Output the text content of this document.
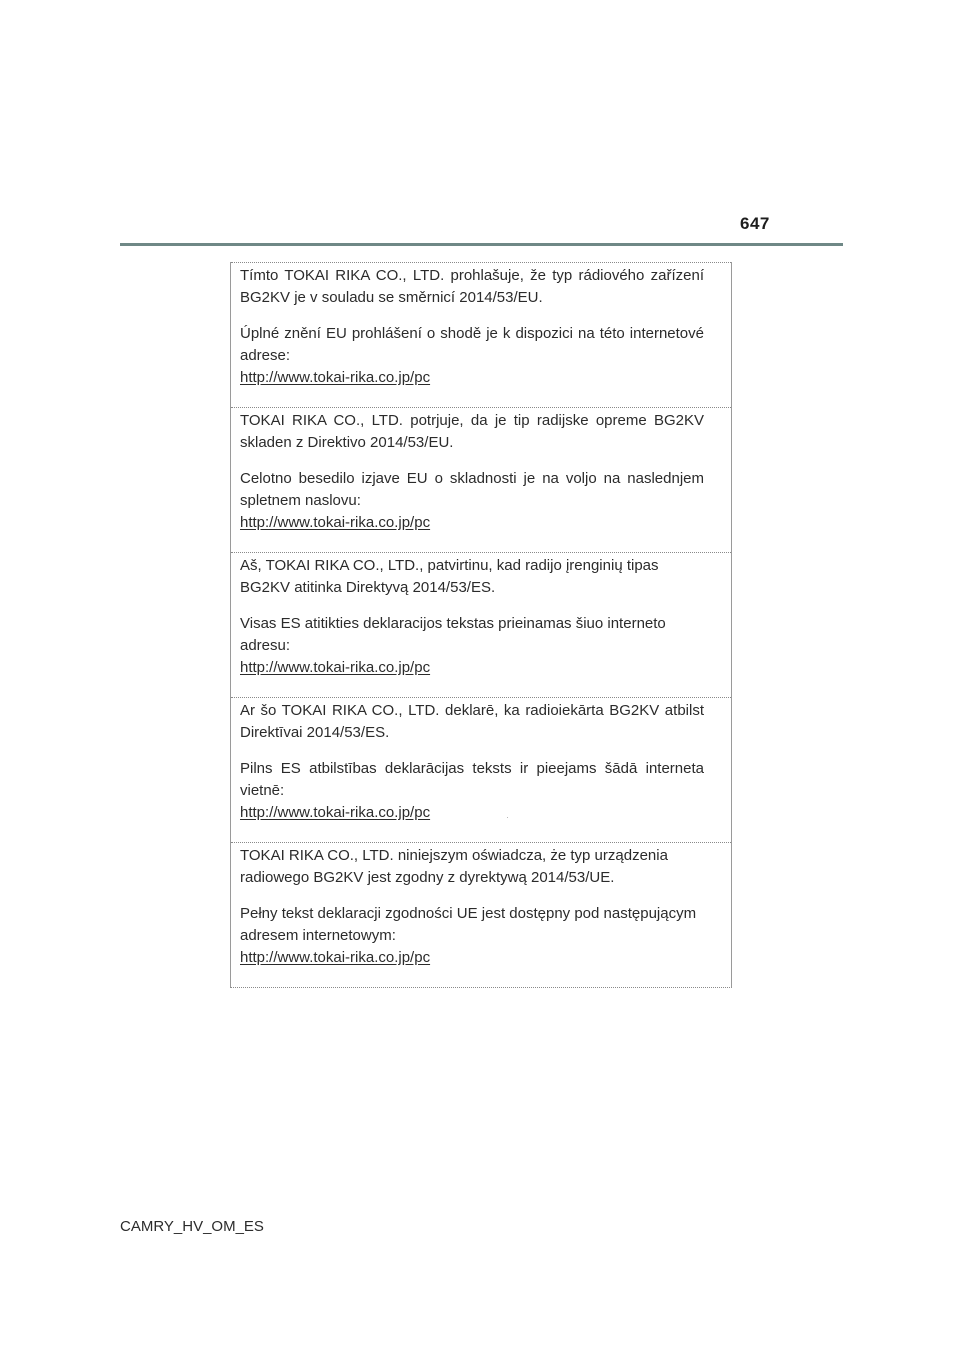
647

Tímto TOKAI RIKA CO., LTD. prohlašuje, že typ rádiového zařízení BG2KV je v souladu se směrnicí 2014/53/EU.

Úplné znění EU prohlášení o shodě je k dispozici na této internetové adrese:

http://www.tokai-rika.co.jp/pc

TOKAI RIKA CO., LTD. potrjuje, da je tip radijske opreme BG2KV skladen z Direktivo 2014/53/EU.

Celotno besedilo izjave EU o skladnosti je na voljo na naslednjem spletnem naslovu:

http://www.tokai-rika.co.jp/pc

Aš, TOKAI RIKA CO., LTD., patvirtinu, kad radijo įrenginių tipas BG2KV atitinka Direktyvą 2014/53/ES.

Visas ES atitikties deklaracijos tekstas prieinamas šiuo interneto adresu:

http://www.tokai-rika.co.jp/pc

Ar šo TOKAI RIKA CO., LTD. deklarē, ka radioiekārta BG2KV atbilst Direktīvai 2014/53/ES.

Pilns ES atbilstības deklarācijas teksts ir pieejams šādā interneta vietnē:

http://www.tokai-rika.co.jp/pc

TOKAI RIKA CO., LTD. niniejszym oświadcza, że typ urządzenia radiowego BG2KV jest zgodny z dyrektywą 2014/53/UE.

Pełny tekst deklaracji zgodności UE jest dostępny pod następującym adresem internetowym:

http://www.tokai-rika.co.jp/pc
CAMRY_HV_OM_ES
